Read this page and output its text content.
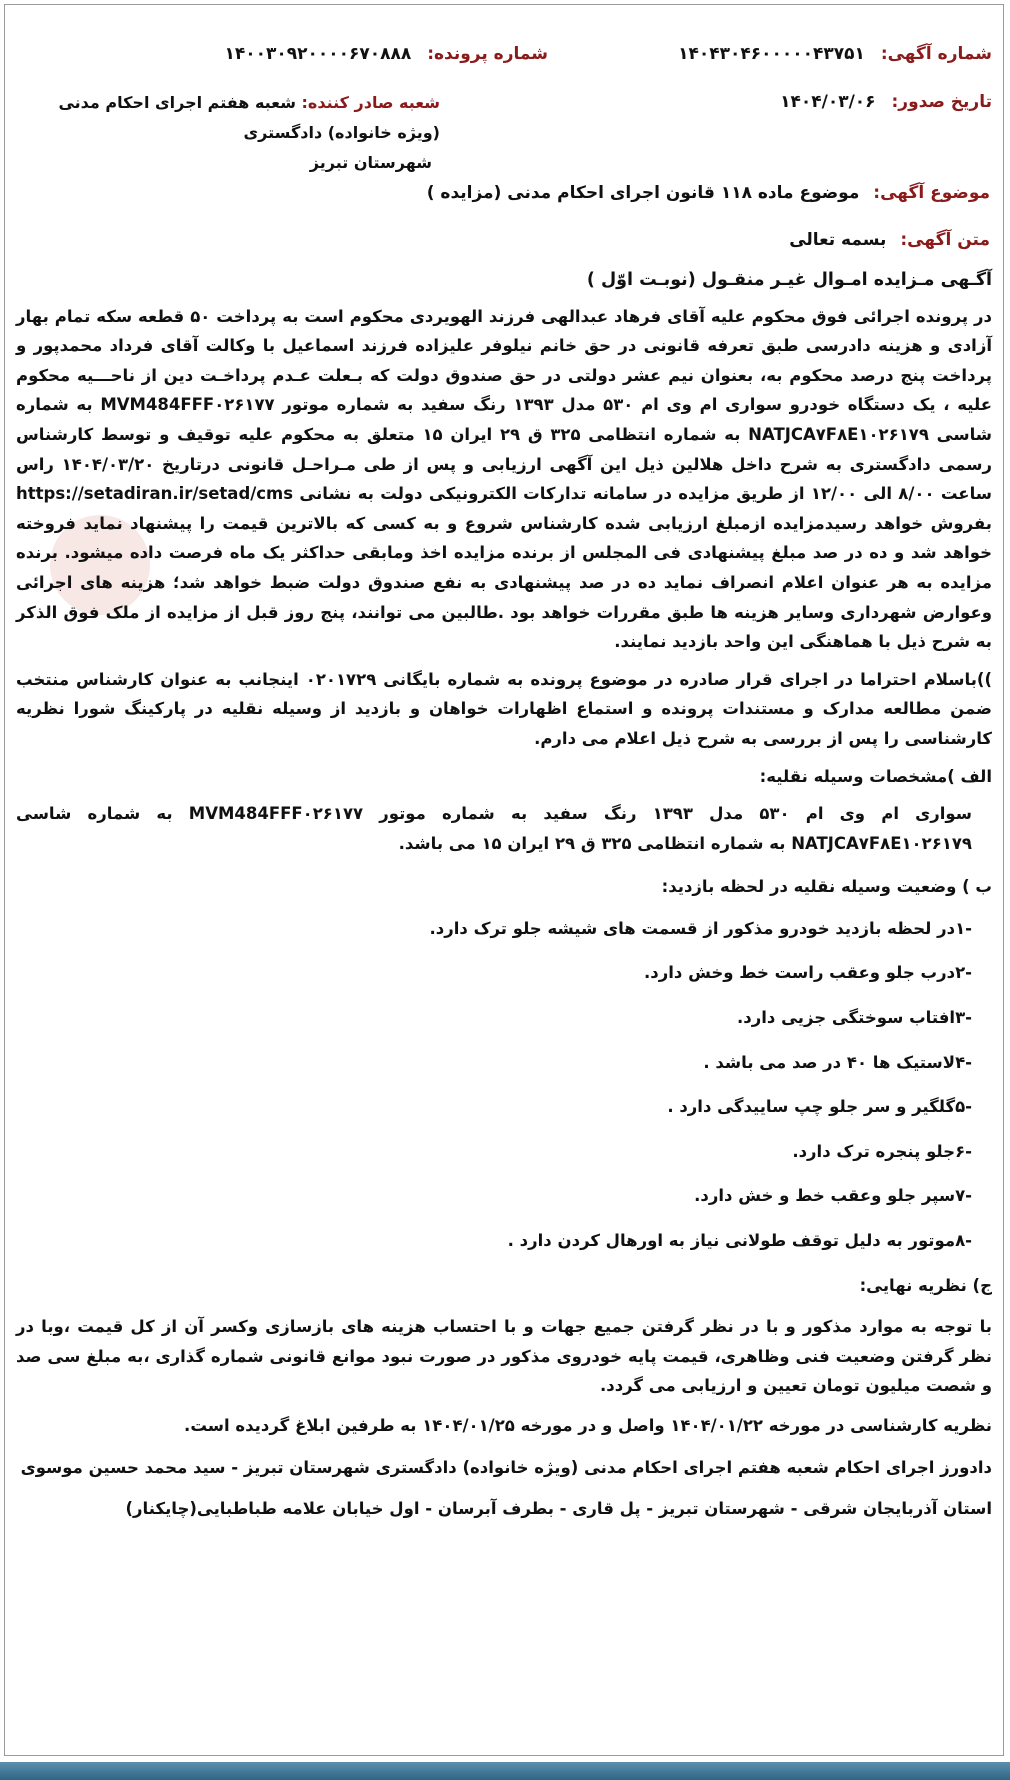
شماره آگهی: ۱۴۰۴۳۰۴۶۰۰۰۰۰۴۳۷۵۱
شماره پرونده: ۱۴۰۰۳۰۹۲۰۰۰۰۶۷۰۸۸۸
تاریخ صدور: ۱۴۰۴/۰۳/۰۶
شعبه صادر کننده: شعبه هفتم اجرای احکام مدنی (ویژه خانواده) دادگستری
شهرستان تبریز
موضوع آگهی: موضوع ماده ۱۱۸ قانون اجرای احکام مدنی (مزایده )
متن آگهی: بسمه تعالی

آگـهی مـزایده امـوال غیـر منقـول (نوبـت اوّل )

در پرونده اجرائی فوق محکوم علیه آقای فرهاد عبدالهی فرزند الهویردی محکوم است به پرداخت ۵۰ قطعه سکه تمام بهار آزادی و هزینه دادرسی طبق تعرفه قانونی در حق خانم نیلوفر علیزاده فرزند اسماعیل با وکالت آقای فرداد محمدپور و پرداخت پنج درصد محکوم به، بعنوان نیم عشر دولتی در حق صندوق دولت که بـعلت عـدم پرداخـت دین از ناحـــیه محکوم علیه ، یک دستگاه خودرو سواری ام وی ام ۵۳۰ مدل ۱۳۹۳ رنگ سفید به شماره موتور MVM484FFF۰۲۶۱۷۷ به شماره شاسی NATJCA۷F۸E۱۰۲۶۱۷۹ به شماره انتظامی ۳۲۵ ق ۲۹ ایران ۱۵ متعلق به محکوم علیه توقیف و توسط کارشناس رسمی دادگستری به شرح داخل هلالین ذیل این آگهی ارزیابی و پس از طی مـراحـل قانونی درتاریخ ۱۴۰۴/۰۳/۲۰ راس ساعت ۸/۰۰ الی ۱۲/۰۰ از طریق مزایده در سامانه تدارکات الکترونیکی دولت به نشانی https://setadiran.ir/setad/cms بفروش خواهد رسیدمزایده ازمبلغ ارزیابی شده کارشناس شروع و به کسی که بالاترین قیمت را پیشنهاد نماید فروخته خواهد شد و ده در صد مبلغ پیشنهادی فی المجلس از برنده مزایده اخذ ومابقی حداکثر یک ماه فرصت داده میشود. برنده مزایده به هر عنوان اعلام انصراف نماید ده در صد پیشنهادی به نفع صندوق دولت ضبط خواهد شد؛ هزینه های اجرائی وعوارض شهرداری وسایر هزینه ها طبق مقررات خواهد بود .طالبین می توانند، پنج روز قبل از مزایده از ملک فوق الذکر به شرح ذیل با هماهنگی این واحد بازدید نمایند.

))باسلام احتراما در اجرای قرار صادره در موضوع پرونده به شماره بایگانی ۰۲۰۱۷۲۹ اینجانب به عنوان کارشناس منتخب ضمن مطالعه مدارک و مستندات پرونده و استماع اظهارات خواهان و بازدید از وسیله نقلیه در پارکینگ شورا نظریه کارشناسی را پس از بررسی به شرح ذیل اعلام می دارم.

الف )مشخصات وسیله نقلیه:

سواری ام وی ام ۵۳۰ مدل ۱۳۹۳ رنگ سفید به شماره موتور MVM484FFF۰۲۶۱۷۷ به شماره شاسی NATJCA۷F۸E۱۰۲۶۱۷۹ به شماره انتظامی ۳۲۵ ق ۲۹ ایران ۱۵ می باشد.

ب ) وضعیت وسیله نقلیه در لحظه بازدید:

-۱در لحظه بازدید خودرو مذکور از قسمت های شیشه جلو ترک دارد.

-۲درب جلو وعقب راست خط وخش دارد.

-۳افتاب سوختگی جزیی دارد.

-۴لاستیک ها ۴۰ در صد می باشد .

-۵گلگیر و سر جلو چپ ساییدگی دارد .

-۶جلو پنجره ترک دارد.

-۷سپر جلو وعقب خط و خش دارد.

-۸موتور به دلیل توقف طولانی نیاز به اورهال کردن دارد .

ج) نظریه نهایی:

با توجه به موارد مذکور و با در نظر گرفتن جمیع جهات و با احتساب هزینه های بازسازی وکسر آن از کل قیمت ،وبا در نظر گرفتن وضعیت فنی وظاهری، قیمت پایه خودروی مذکور در صورت نبود موانع قانونی شماره گذاری ،به مبلغ سی صد و شصت میلیون تومان تعیین و ارزیابی می گردد.

نظریه کارشناسی در مورخه ۱۴۰۴/۰۱/۲۲ واصل و در مورخه ۱۴۰۴/۰۱/۲۵ به طرفین ابلاغ گردیده است.

دادورز اجرای احکام شعبه هفتم اجرای احکام مدنی (ویژه خانواده) دادگستری شهرستان تبریز - سید محمد حسین موسوی

استان آذربایجان شرقی - شهرستان تبریز - پل قاری - بطرف آبرسان - اول خیابان علامه طباطبایی(چایکنار)
